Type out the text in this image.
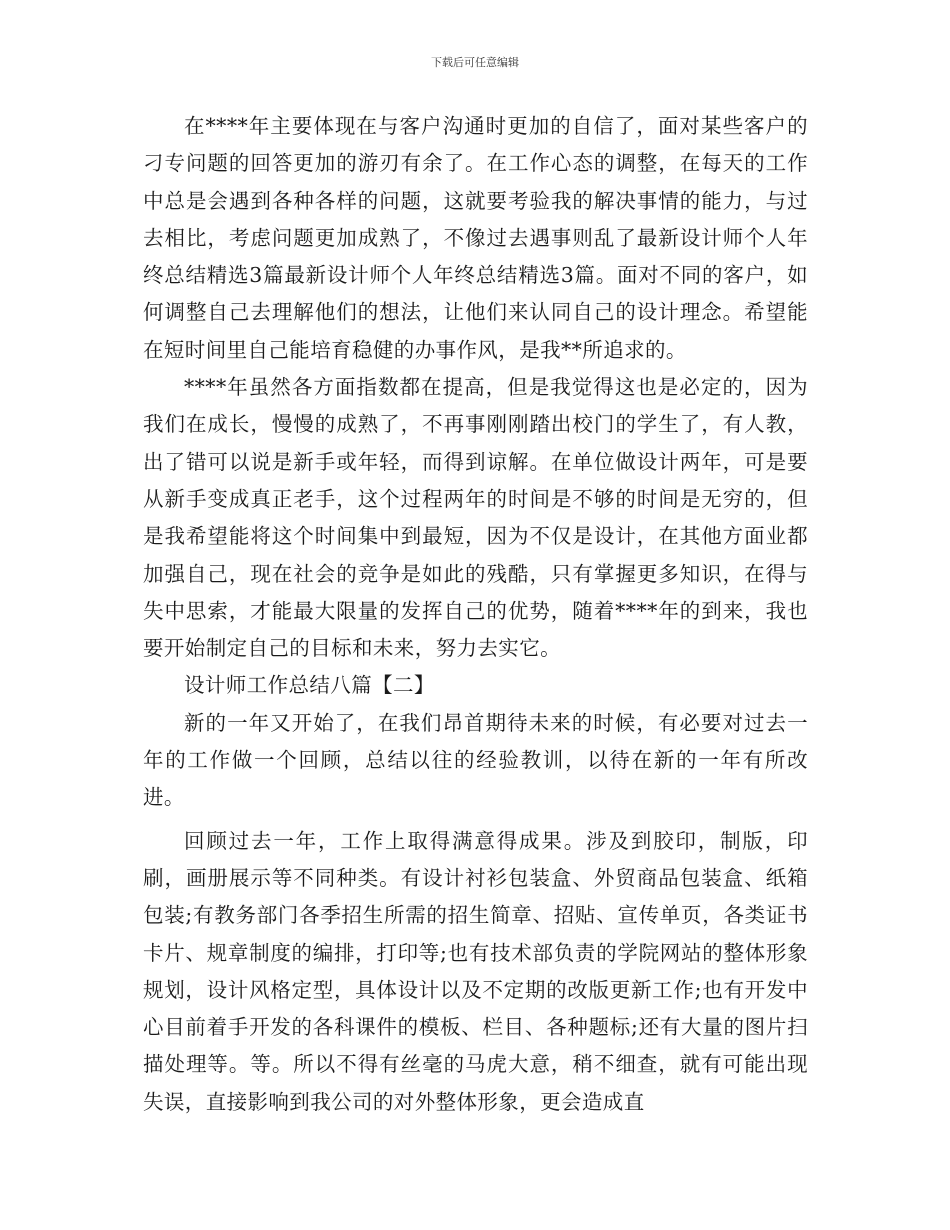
下载后可任意编辑

在****年主要体现在与客户沟通时更加的自信了，面对某些客户的刁专问题的回答更加的游刃有余了。在工作心态的调整，在每天的工作中总是会遇到各种各样的问题，这就要考验我的解决事情的能力，与过去相比，考虑问题更加成熟了，不像过去遇事则乱了最新设计师个人年终总结精选3篇最新设计师个人年终总结精选3篇。面对不同的客户，如何调整自己去理解他们的想法，让他们来认同自己的设计理念。希望能在短时间里自己能培育稳健的办事作风，是我**所追求的。

****年虽然各方面指数都在提高，但是我觉得这也是必定的，因为我们在成长，慢慢的成熟了，不再事刚刚踏出校门的学生了，有人教，出了错可以说是新手或年轻，而得到谅解。在单位做设计两年，可是要从新手变成真正老手，这个过程两年的时间是不够的时间是无穷的，但是我希望能将这个时间集中到最短，因为不仅是设计，在其他方面业都加强自己，现在社会的竞争是如此的残酷，只有掌握更多知识，在得与失中思索，才能最大限量的发挥自己的优势，随着****年的到来，我也要开始制定自己的目标和未来，努力去实它。

设计师工作总结八篇【二】

新的一年又开始了，在我们昂首期待未来的时候，有必要对过去一年的工作做一个回顾，总结以往的经验教训，以待在新的一年有所改进。

回顾过去一年，工作上取得满意得成果。涉及到胶印，制版，印刷，画册展示等不同种类。有设计衬衫包装盒、外贸商品包装盒、纸箱包装;有教务部门各季招生所需的招生简章、招贴、宣传单页，各类证书卡片、规章制度的编排，打印等;也有技术部负责的学院网站的整体形象规划，设计风格定型，具体设计以及不定期的改版更新工作;也有开发中心目前着手开发的各科课件的模板、栏目、各种题标;还有大量的图片扫描处理等。等。所以不得有丝毫的马虎大意，稍不细查，就有可能出现失误，直接影响到我公司的对外整体形象，更会造成直
